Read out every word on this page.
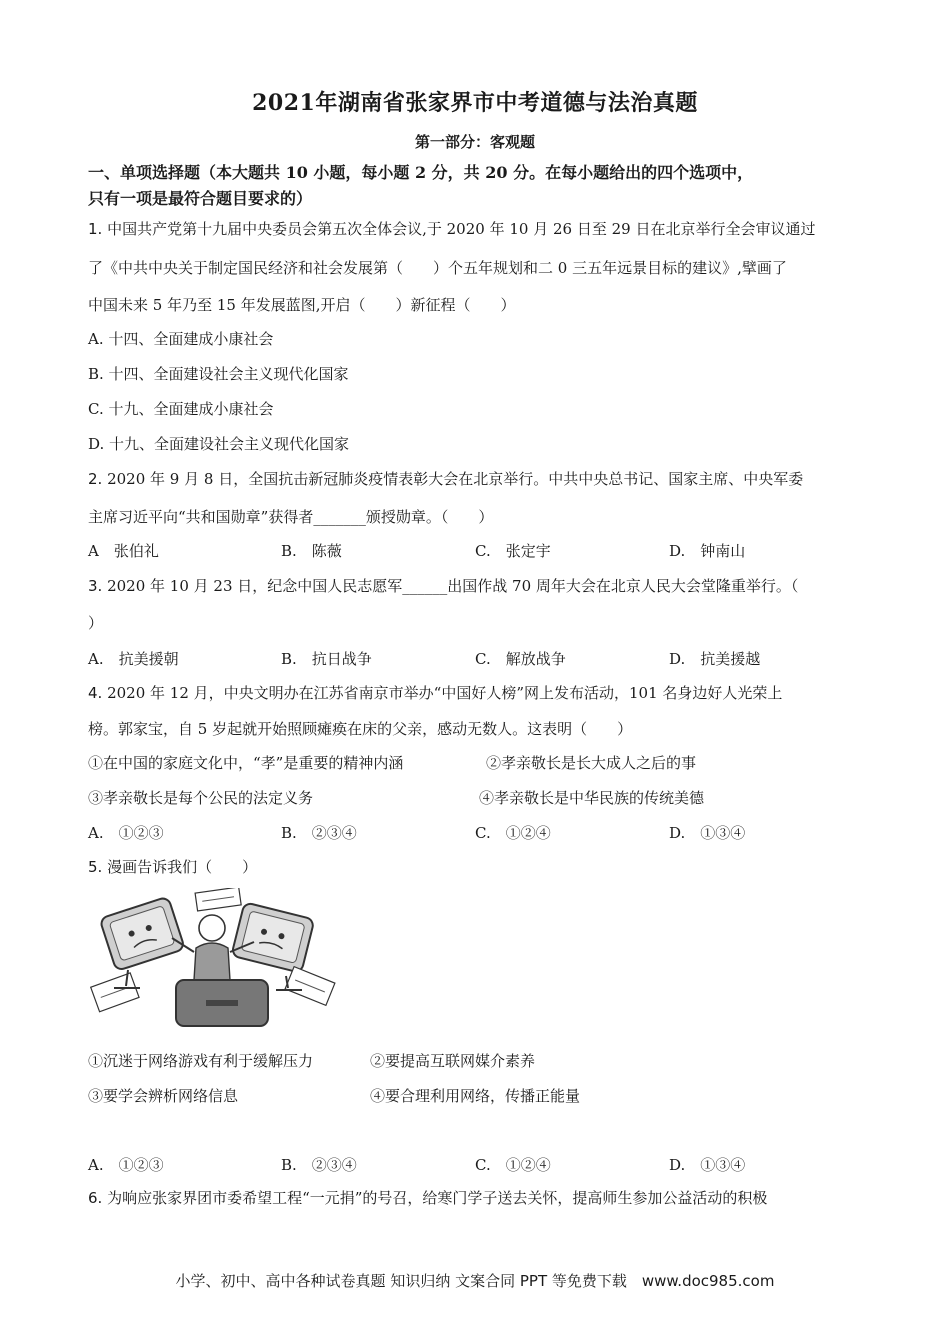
2021年湖南省张家界市中考道德与法治真题
第一部分：客观题
一、单项选择题（本大题共 10 小题，每小题 2 分，共 20 分。在每小题给出的四个选项中，
只有一项是最符合题目要求的）
1. 中国共产党第十九届中央委员会第五次全体会议,于 2020 年 10 月 26 日至 29 日在北京举行全会审议通过
了《中共中央关于制定国民经济和社会发展第（　　）个五年规划和二 0 三五年远景目标的建议》,擘画了
中国未来 5 年乃至 15 年发展蓝图,开启（　　）新征程（　　）
A. 十四、全面建成小康社会
B. 十四、全面建设社会主义现代化国家
C. 十九、全面建成小康社会
D. 十九、全面建设社会主义现代化国家
2. 2020 年 9 月 8 日，全国抗击新冠肺炎疫情表彰大会在北京举行。中共中央总书记、国家主席、中央军委
主席习近平向“共和国勋章”获得者_______颁授勋章。（　　）
A　张伯礼	B.　陈薇	C.　张定宇	D.　钟南山
3. 2020 年 10 月 23 日，纪念中国人民志愿军______出国作战 70 周年大会在北京人民大会堂隆重举行。（
）
A.　抗美援朝	B.　抗日战争	C.　解放战争	D.　抗美援越
4. 2020 年 12 月，中央文明办在江苏省南京市举办“中国好人榜”网上发布活动，101 名身边好人光荣上
榜。郭家宝，自 5 岁起就开始照顾瘫痪在床的父亲，感动无数人。这表明（　　）
①在中国的家庭文化中，“孝”是重要的精神内涵	②孝亲敬长是长大成人之后的事
③孝亲敬长是每个公民的法定义务	④孝亲敬长是中华民族的传统美德
A.　①②③	B.　②③④	C.　①②④	D.　①③④
5. 漫画告诉我们（　　）
①沉迷于网络游戏有利于缓解压力	②要提高互联网媒介素养
③要学会辨析网络信息	④要合理利用网络，传播正能量
A.　①②③	B.　②③④	C.　①②④	D.　①③④
6. 为响应张家界团市委希望工程“一元捐”的号召，给寒门学子送去关怀，提高师生参加公益活动的积极
小学、初中、高中各种试卷真题 知识归纳 文案合同 PPT 等免费下载　www.doc985.com
